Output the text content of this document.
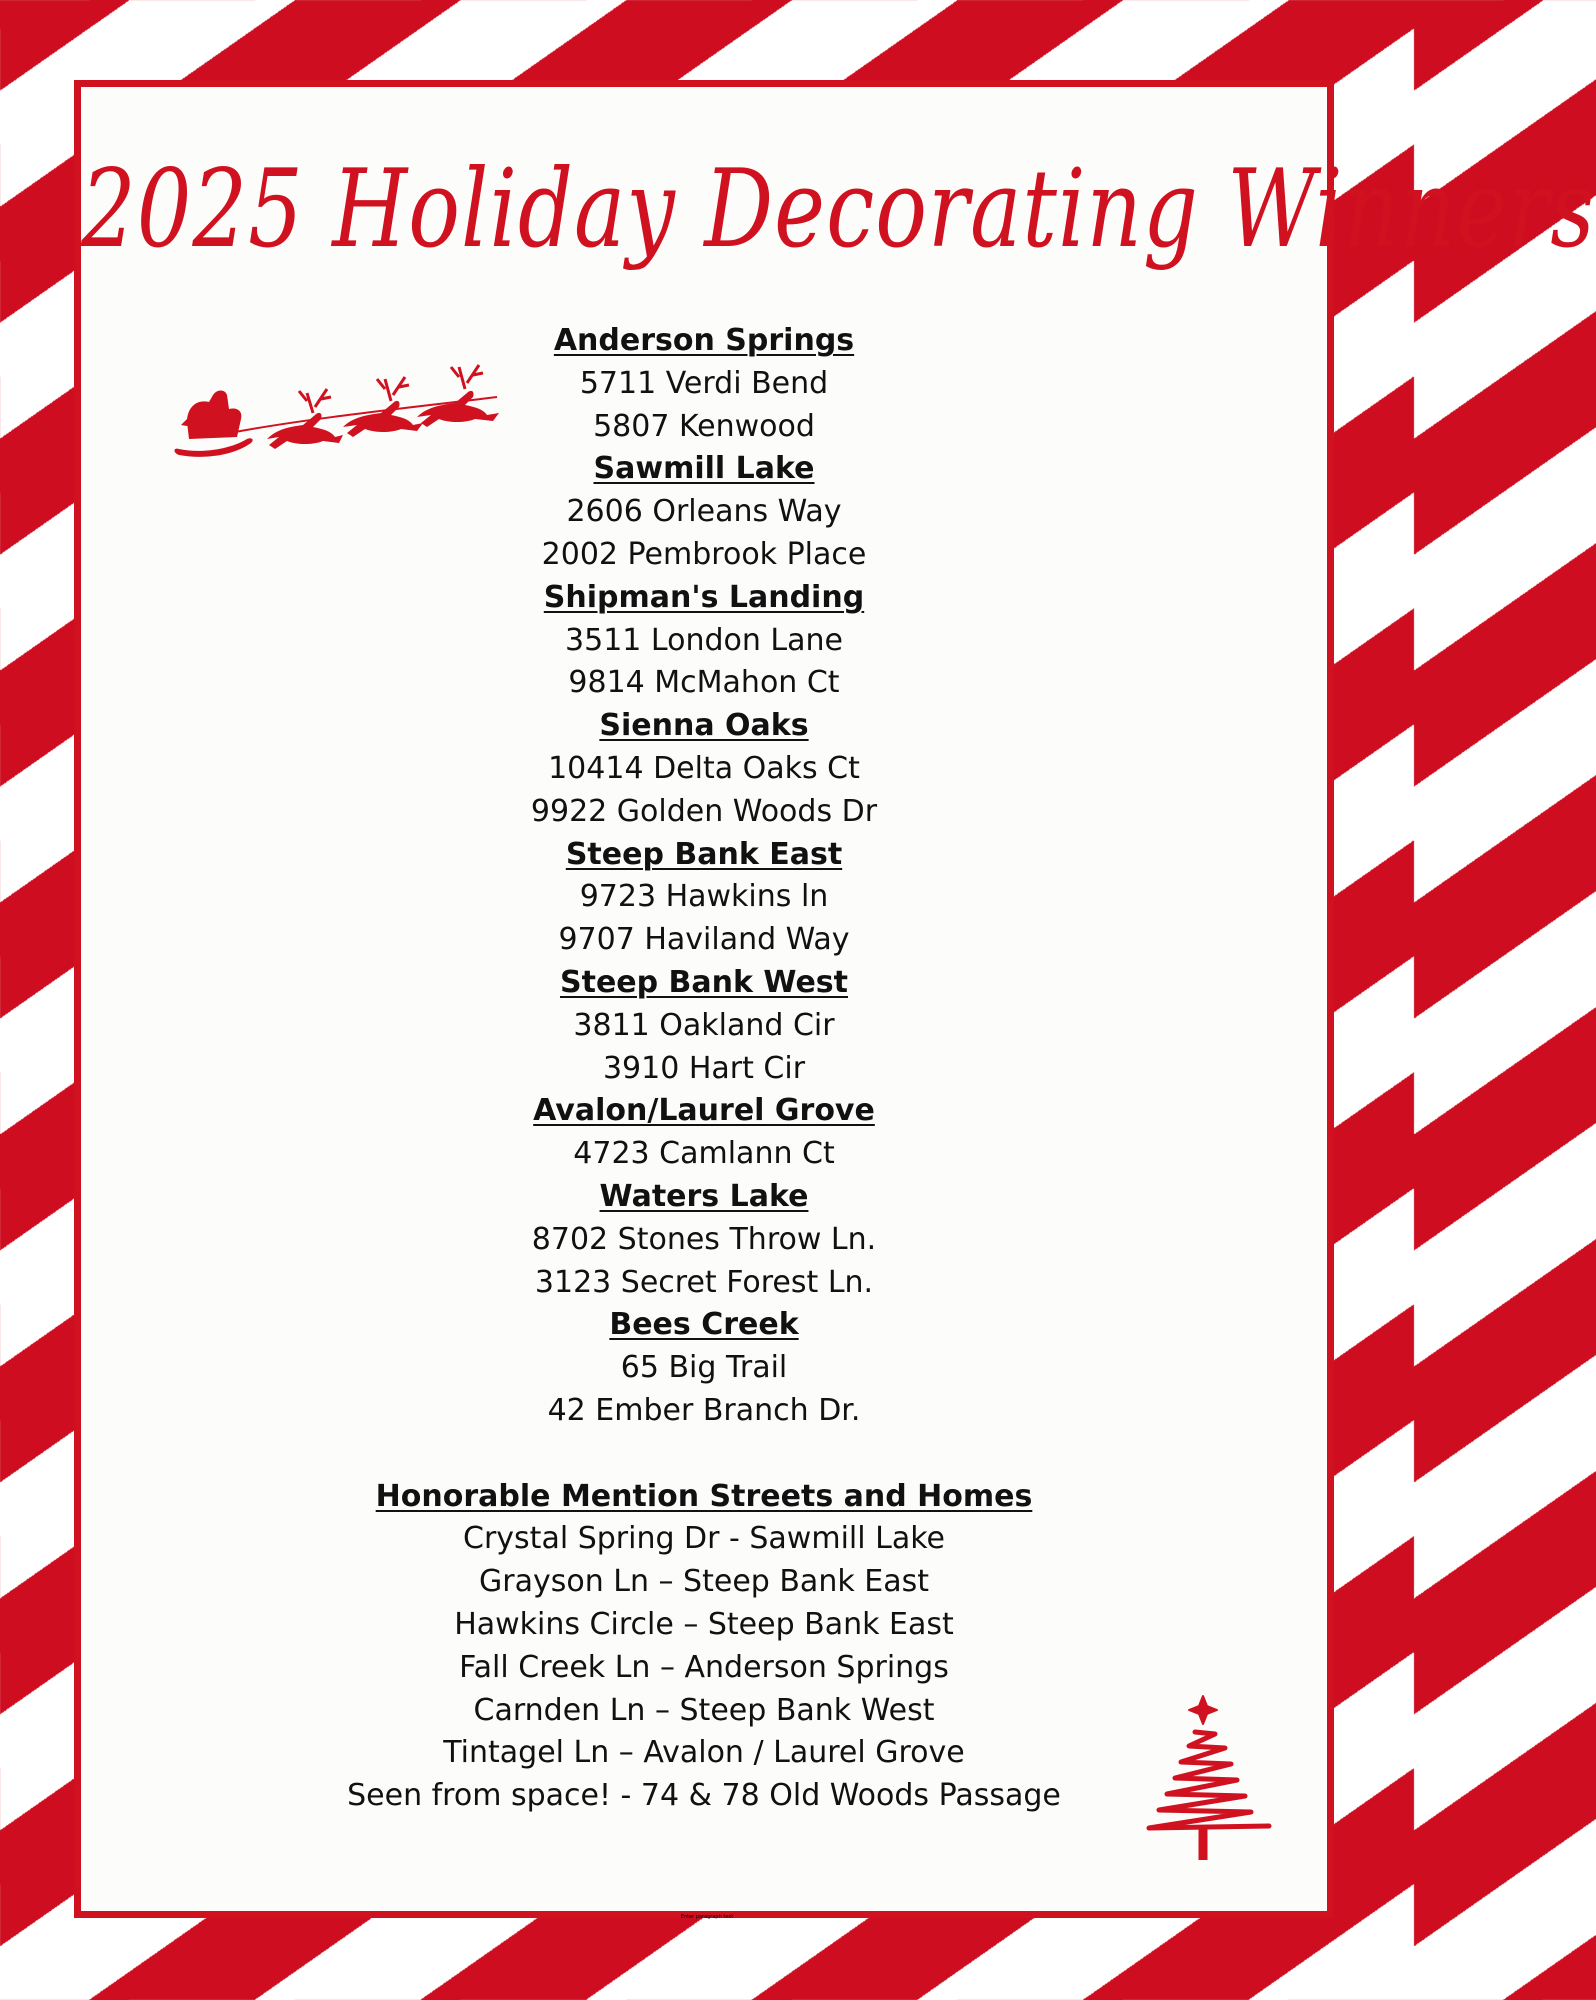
2025 Holiday Decorating Winners
Anderson Springs
5711 Verdi Bend
5807 Kenwood
Sawmill Lake
2606 Orleans Way
2002 Pembrook Place
Shipman's Landing
3511 London Lane
9814 McMahon Ct
Sienna Oaks
10414 Delta Oaks Ct
9922 Golden Woods Dr
Steep Bank East
9723 Hawkins ln
9707 Haviland Way
Steep Bank West
3811 Oakland Cir
3910 Hart Cir
Avalon/Laurel Grove
4723 Camlann Ct
Waters Lake
8702 Stones Throw Ln.
3123 Secret Forest Ln.
Bees Creek
65 Big Trail
42 Ember Branch Dr.
Honorable Mention Streets and Homes
Crystal Spring Dr - Sawmill Lake
Grayson Ln – Steep Bank East
Hawkins Circle – Steep Bank East
Fall Creek Ln – Anderson Springs
Carnden Ln – Steep Bank West
Tintagel Ln – Avalon / Laurel Grove
Seen from space! - 74 & 78 Old Woods Passage
Enter paragraph text
